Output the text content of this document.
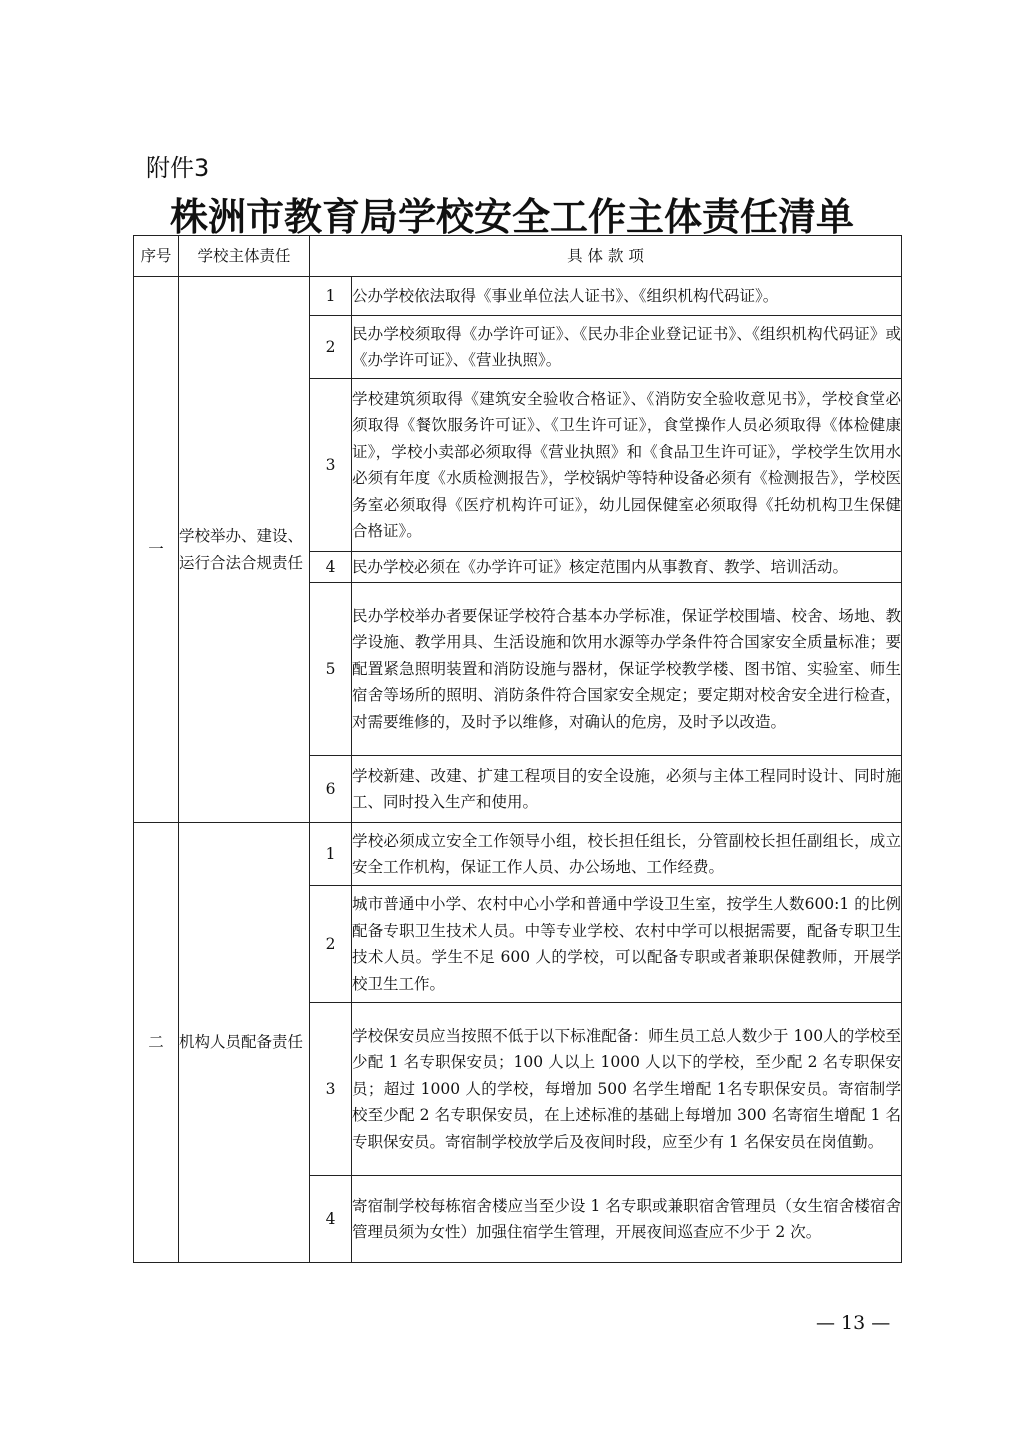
附件3
株洲市教育局学校安全工作主体责任清单
序号	学校主体责任	具 体 款 项	
一	学校举办、建设、运行合法合规责任	1	公办学校依法取得《事业单位法人证书》、《组织机构代码证》。
		2	民办学校须取得《办学许可证》、《民办非企业登记证书》、《组织机构代码证》或《办学许可证》、《营业执照》。
		3	学校建筑须取得《建筑安全验收合格证》、《消防安全验收意见书》，学校食堂必须取得《餐饮服务许可证》、《卫生许可证》，食堂操作人员必须取得《体检健康证》，学校小卖部必须取得《营业执照》和《食品卫生许可证》，学校学生饮用水必须有年度《水质检测报告》，学校锅炉等特种设备必须有《检测报告》，学校医务室必须取得《医疗机构许可证》，幼儿园保健室必须取得《托幼机构卫生保健合格证》。
		4	民办学校必须在《办学许可证》核定范围内从事教育、教学、培训活动。
		5	民办学校举办者要保证学校符合基本办学标准，保证学校围墙、校舍、场地、教学设施、教学用具、生活设施和饮用水源等办学条件符合国家安全质量标准；要配置紧急照明装置和消防设施与器材，保证学校教学楼、图书馆、实验室、师生宿舍等场所的照明、消防条件符合国家安全规定；要定期对校舍安全进行检查，对需要维修的，及时予以维修，对确认的危房，及时予以改造。
		6	学校新建、改建、扩建工程项目的安全设施，必须与主体工程同时设计、同时施工、同时投入生产和使用。
二	机构人员配备责任	1	学校必须成立安全工作领导小组，校长担任组长，分管副校长担任副组长，成立安全工作机构，保证工作人员、办公场地、工作经费。
		2	城市普通中小学、农村中心小学和普通中学设卫生室，按学生人数600:1 的比例配备专职卫生技术人员。中等专业学校、农村中学可以根据需要，配备专职卫生技术人员。学生不足 600 人的学校，可以配备专职或者兼职保健教师，开展学校卫生工作。
		3	学校保安员应当按照不低于以下标准配备：师生员工总人数少于 100人的学校至少配 1 名专职保安员；100 人以上 1000 人以下的学校，至少配 2 名专职保安员；超过 1000 人的学校，每增加 500 名学生增配 1名专职保安员。寄宿制学校至少配 2 名专职保安员，在上述标准的基础上每增加 300 名寄宿生增配 1 名专职保安员。寄宿制学校放学后及夜间时段，应至少有 1 名保安员在岗值勤。
		4	寄宿制学校每栋宿舍楼应当至少设 1 名专职或兼职宿舍管理员（女生宿舍楼宿舍管理员须为女性）加强住宿学生管理，开展夜间巡查应不少于 2 次。
— 13 —
